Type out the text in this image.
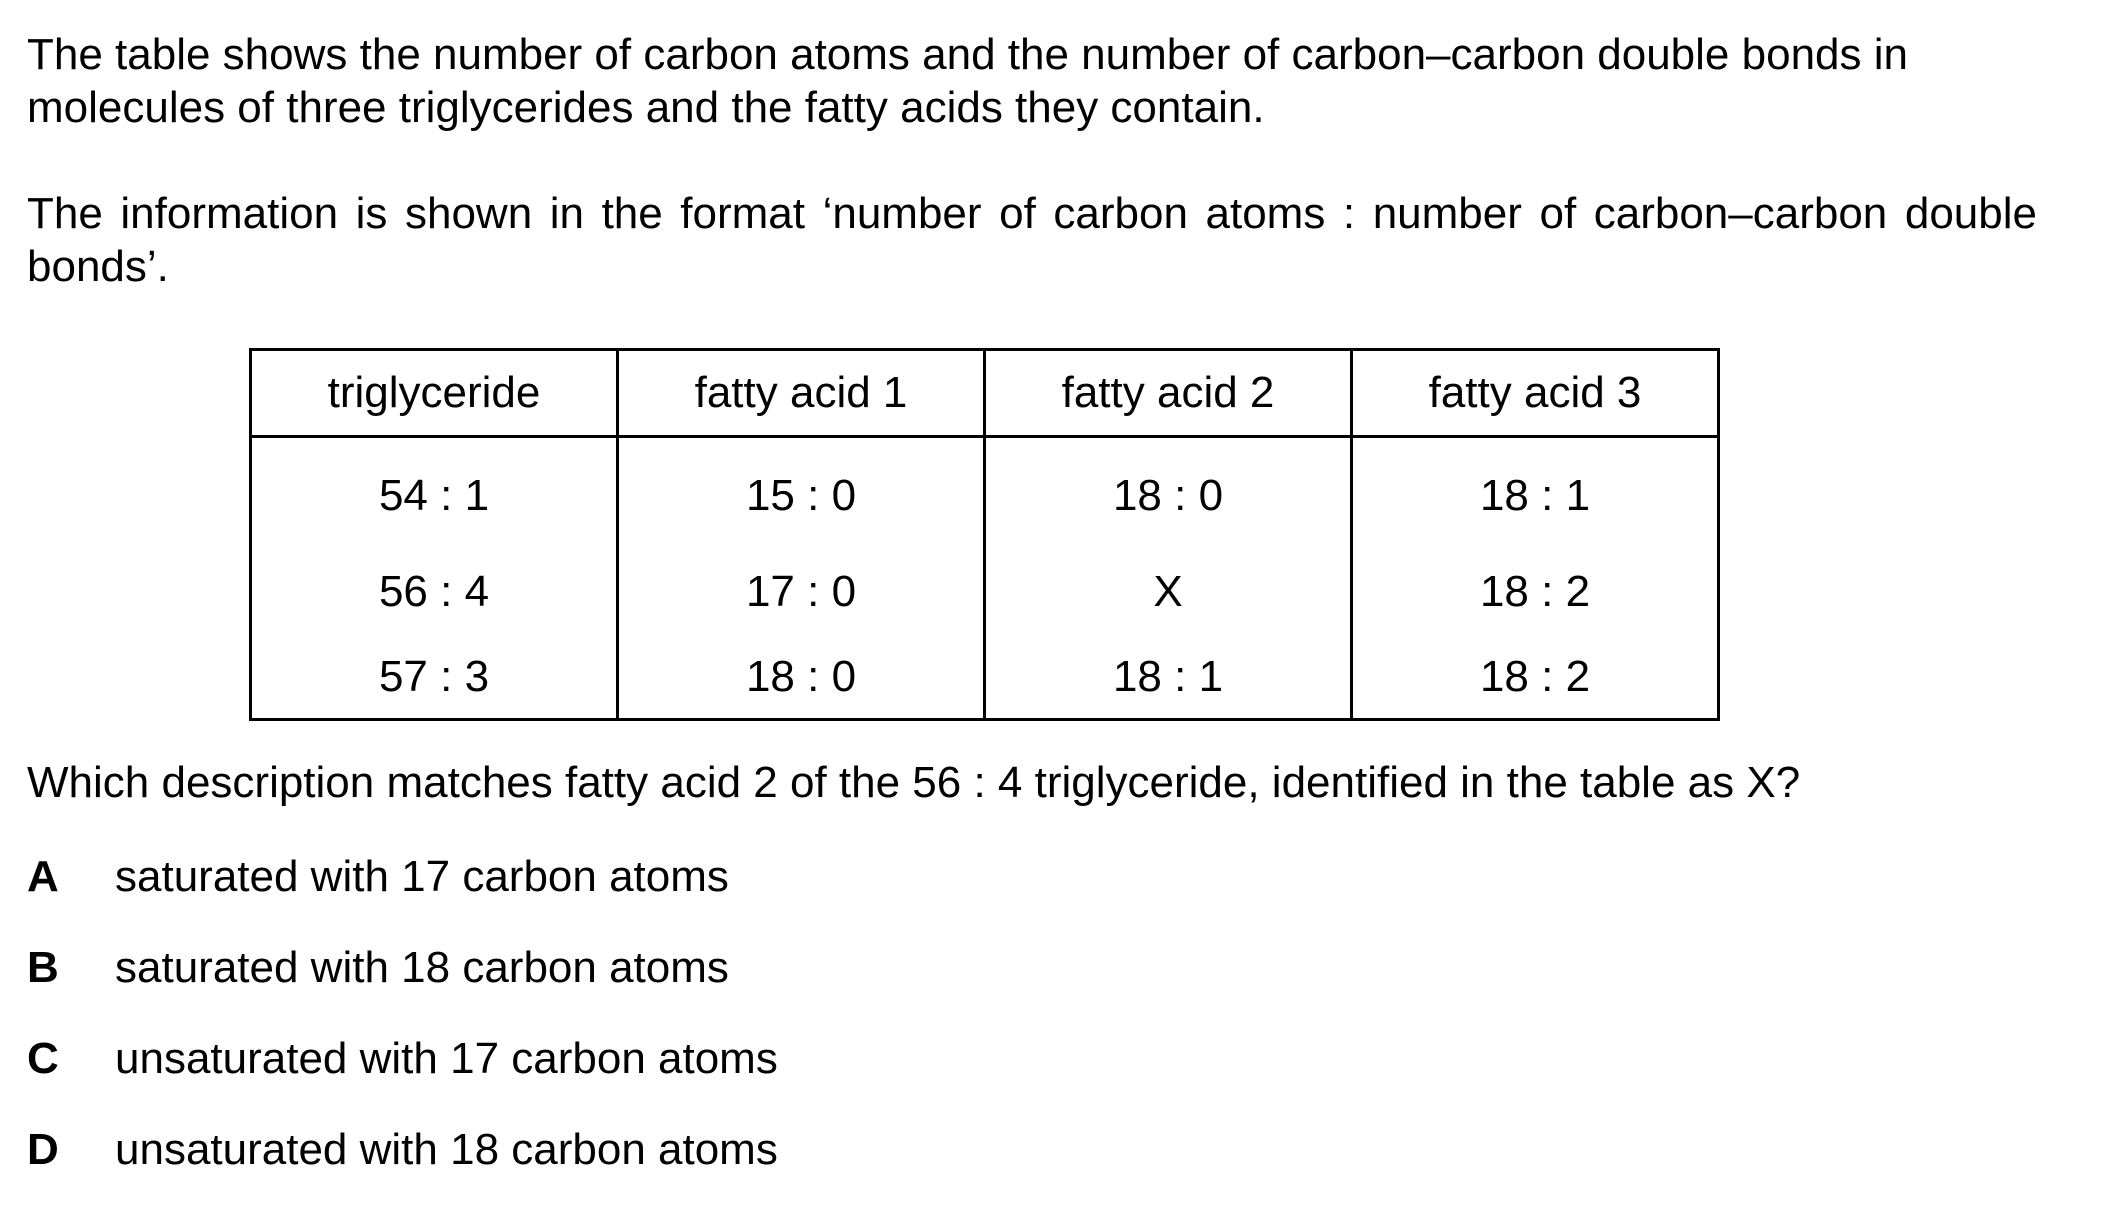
The table shows the number of carbon atoms and the number of carbon–carbon double bonds in molecules of three triglycerides and the fatty acids they contain.

The information is shown in the format ‘number of carbon atoms : number of carbon–carbon double bonds’.

triglyceride	fatty acid 1	fatty acid 2	fatty acid 3
54 : 1	15 : 0	18 : 0	18 : 1
56 : 4	17 : 0	X	18 : 2
57 : 3	18 : 0	18 : 1	18 : 2

Which description matches fatty acid 2 of the 56 : 4 triglyceride, identified in the table as X?

A	saturated with 17 carbon atoms
B	saturated with 18 carbon atoms
C	unsaturated with 17 carbon atoms
D	unsaturated with 18 carbon atoms
